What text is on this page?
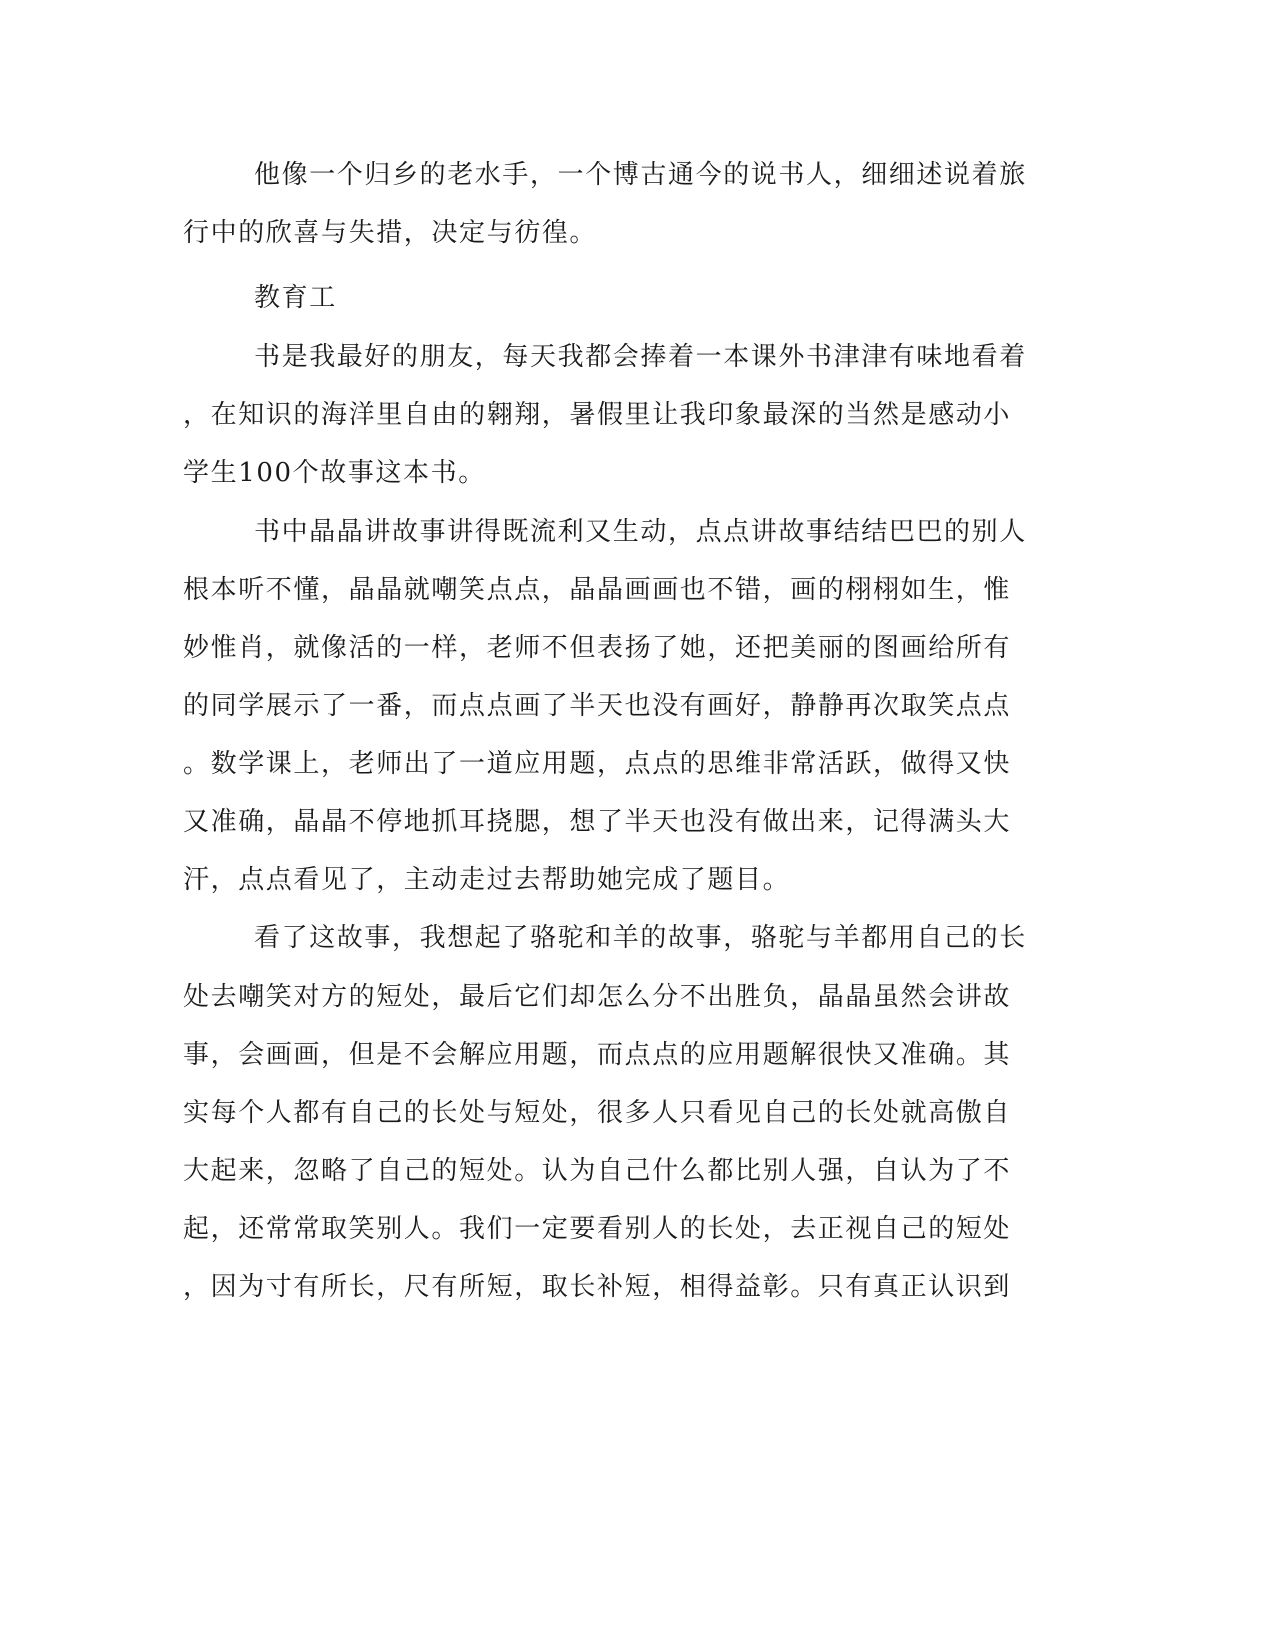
他像一个归乡的老水手，一个博古通今的说书人，细细述说着旅
行中的欣喜与失措，决定与彷徨。
教育工
书是我最好的朋友，每天我都会捧着一本课外书津津有味地看着
，在知识的海洋里自由的翱翔，暑假里让我印象最深的当然是感动小
学生100个故事这本书。
书中晶晶讲故事讲得既流利又生动，点点讲故事结结巴巴的别人
根本听不懂，晶晶就嘲笑点点，晶晶画画也不错，画的栩栩如生，惟
妙惟肖，就像活的一样，老师不但表扬了她，还把美丽的图画给所有
的同学展示了一番，而点点画了半天也没有画好，静静再次取笑点点
。数学课上，老师出了一道应用题，点点的思维非常活跃，做得又快
又准确，晶晶不停地抓耳挠腮，想了半天也没有做出来，记得满头大
汗，点点看见了，主动走过去帮助她完成了题目。
看了这故事，我想起了骆驼和羊的故事，骆驼与羊都用自己的长
处去嘲笑对方的短处，最后它们却怎么分不出胜负，晶晶虽然会讲故
事，会画画，但是不会解应用题，而点点的应用题解很快又准确。其
实每个人都有自己的长处与短处，很多人只看见自己的长处就高傲自
大起来，忽略了自己的短处。认为自己什么都比别人强，自认为了不
起，还常常取笑别人。我们一定要看别人的长处，去正视自己的短处
，因为寸有所长，尺有所短，取长补短，相得益彰。只有真正认识到
